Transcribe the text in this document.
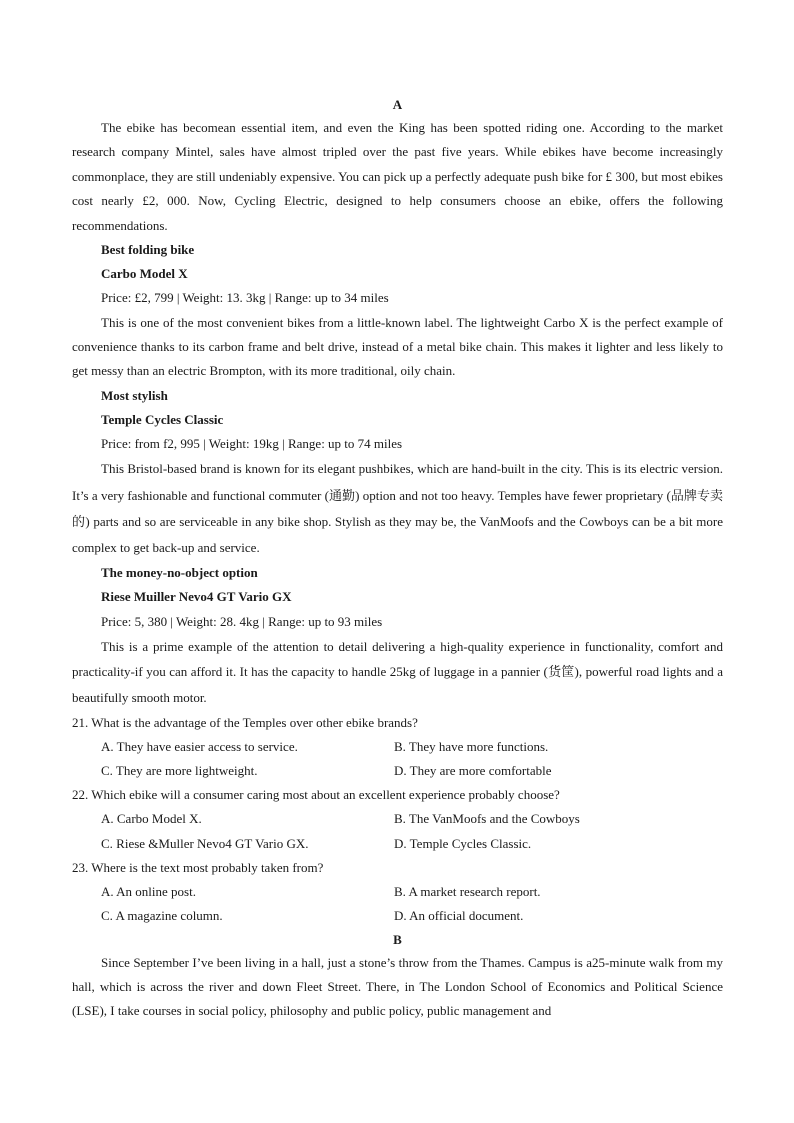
A

The ebike has becomean essential item, and even the King has been spotted riding one. According to the market research company Mintel, sales have almost tripled over the past five years. While ebikes have become increasingly commonplace, they are still undeniably expensive. You can pick up a perfectly adequate push bike for £ 300, but most ebikes cost nearly £2, 000. Now, Cycling Electric, designed to help consumers choose an ebike, offers the following recommendations.

Best folding bike

Carbo Model X

Price: £2, 799 | Weight: 13. 3kg | Range: up to 34 miles

This is one of the most convenient bikes from a little-known label. The lightweight Carbo X is the perfect example of convenience thanks to its carbon frame and belt drive, instead of a metal bike chain. This makes it lighter and less likely to get messy than an electric Brompton, with its more traditional, oily chain.

Most stylish

Temple Cycles Classic

Price: from f2, 995 | Weight: 19kg | Range: up to 74 miles

This Bristol-based brand is known for its elegant pushbikes, which are hand-built in the city. This is its electric version. It’s a very fashionable and functional commuter (通勤) option and not too heavy. Temples have fewer proprietary (品牌专卖的) parts and so are serviceable in any bike shop. Stylish as they may be, the VanMoofs and the Cowboys can be a bit more complex to get back-up and service.

The money-no-object option

Riese Muiller Nevo4 GT Vario GX

Price: 5, 380 | Weight: 28. 4kg | Range: up to 93 miles

This is a prime example of the attention to detail delivering a high-quality experience in functionality, comfort and practicality-if you can afford it. It has the capacity to handle 25kg of luggage in a pannier (货筐), powerful road lights and a beautifully smooth motor.

21. What is the advantage of the Temples over other ebike brands?

A. They have easier access to service.	B. They have more functions.
C. They are more lightweight.	D. They are more comfortable

22. Which ebike will a consumer caring most about an excellent experience probably choose?

A. Carbo Model X.	B. The VanMoofs and the Cowboys
C. Riese &Muller Nevo4 GT Vario GX.	D. Temple Cycles Classic.

23. Where is the text most probably taken from?

A. An online post.	B. A market research report.
C. A magazine column.	D. An official document.
B

Since September I’ve been living in a hall, just a stone’s throw from the Thames. Campus is a25-minute walk from my hall, which is across the river and down Fleet Street. There, in The London School of Economics and Political Science (LSE), I take courses in social policy, philosophy and public policy, public management and
